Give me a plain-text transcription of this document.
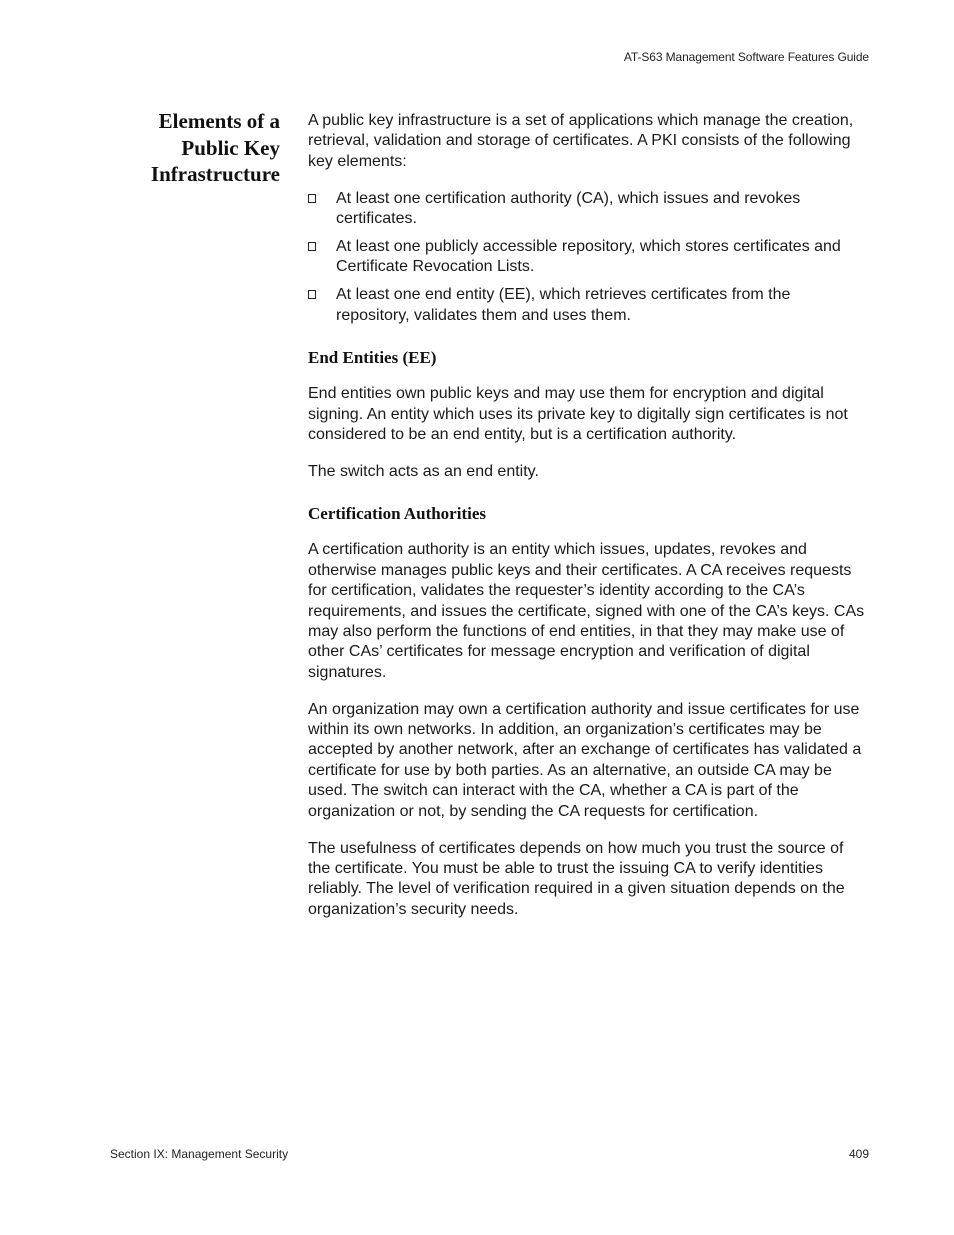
AT-S63 Management Software Features Guide
Elements of a
Public Key
Infrastructure

A public key infrastructure is a set of applications which manage the creation, retrieval, validation and storage of certificates. A PKI consists of the following key elements:

At least one certification authority (CA), which issues and revokes certificates.
At least one publicly accessible repository, which stores certificates and Certificate Revocation Lists.
At least one end entity (EE), which retrieves certificates from the repository, validates them and uses them.
End Entities (EE)

End entities own public keys and may use them for encryption and digital signing. An entity which uses its private key to digitally sign certificates is not considered to be an end entity, but is a certification authority.

The switch acts as an end entity.

Certification Authorities

A certification authority is an entity which issues, updates, revokes and otherwise manages public keys and their certificates. A CA receives requests for certification, validates the requester’s identity according to the CA’s requirements, and issues the certificate, signed with one of the CA’s keys. CAs may also perform the functions of end entities, in that they may make use of other CAs’ certificates for message encryption and verification of digital signatures.

An organization may own a certification authority and issue certificates for use within its own networks. In addition, an organization’s certificates may be accepted by another network, after an exchange of certificates has validated a certificate for use by both parties. As an alternative, an outside CA may be used. The switch can interact with the CA, whether a CA is part of the organization or not, by sending the CA requests for certification.

The usefulness of certificates depends on how much you trust the source of the certificate. You must be able to trust the issuing CA to verify identities reliably. The level of verification required in a given situation depends on the organization’s security needs.

Section IX: Management Security	409
